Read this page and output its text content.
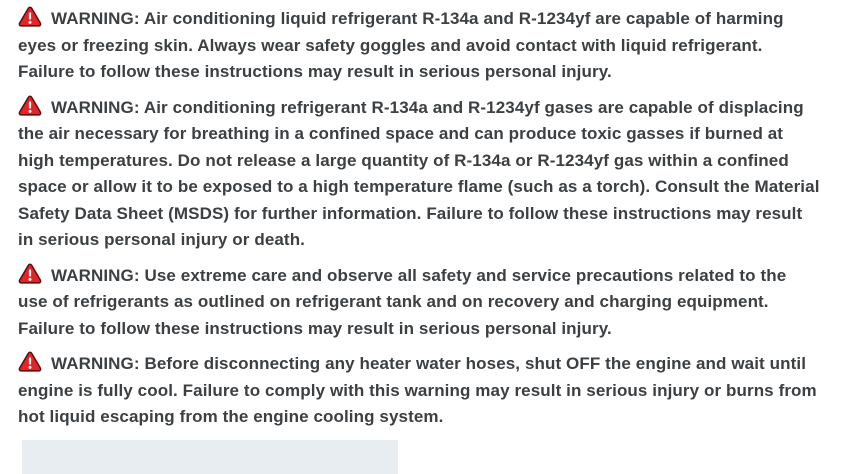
WARNING: Air conditioning liquid refrigerant R-134a and R-1234yf are capable of harming eyes or freezing skin. Always wear safety goggles and avoid contact with liquid refrigerant. Failure to follow these instructions may result in serious personal injury.

WARNING: Air conditioning refrigerant R-134a and R-1234yf gases are capable of displacing the air necessary for breathing in a confined space and can produce toxic gasses if burned at high temperatures. Do not release a large quantity of R-134a or R-1234yf gas within a confined space or allow it to be exposed to a high temperature flame (such as a torch). Consult the Material Safety Data Sheet (MSDS) for further information. Failure to follow these instructions may result in serious personal injury or death.

WARNING: Use extreme care and observe all safety and service precautions related to the use of refrigerants as outlined on refrigerant tank and on recovery and charging equipment. Failure to follow these instructions may result in serious personal injury.

WARNING: Before disconnecting any heater water hoses, shut OFF the engine and wait until engine is fully cool. Failure to comply with this warning may result in serious injury or burns from hot liquid escaping from the engine cooling system.
